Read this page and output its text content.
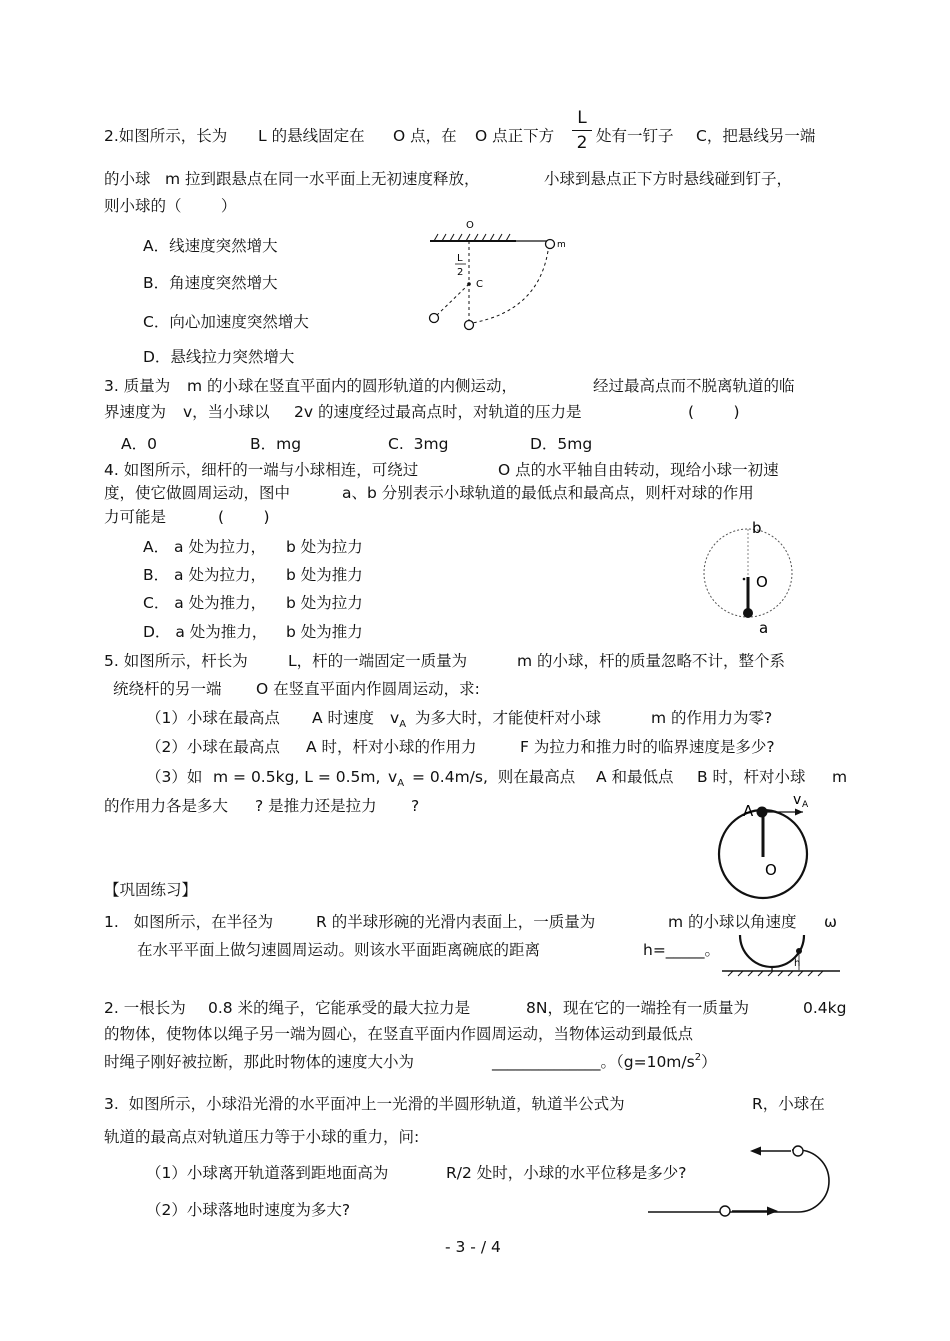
2.如图所示，长为 L 的悬线固定在 O 点，在 O 点正下方
L
2 处有一钉子 C，把悬线另一端
的小球 m 拉到跟悬点在同一水平面上无初速度释放，	小球到悬点正下方时悬线碰到钉子，
则小球的（        ）
A．线速度突然增大
B．角速度突然增大
C．向心加速度突然增大
D．悬线拉力突然增大
O
m
L
2
C
3. 质量为 m 的小球在竖直平面内的圆形轨道的内侧运动，	经过最高点而不脱离轨道的临
界速度为 v，当小球以 2v 的速度经过最高点时，对轨道的压力是	(        )
A．0	B．mg	C.  3mg	D．5mg
4. 如图所示，细杆的一端与小球相连，可绕过	O 点的水平轴自由转动，现给小球一初速
度，使它做圆周运动，图中	a、b 分别表示小球轨道的最低点和最高点，则杆对球的作用
力可能是	(        )
A． a 处为拉力， b 处为拉力
B． a 处为拉力， b 处为推力
C． a 处为推力， b 处为拉力
D． a 处为推力， b 处为推力
b
O
a
5. 如图所示，杆长为	L，杆的一端固定一质量为	m 的小球，杆的质量忽略不计，整个系
统绕杆的另一端 O 在竖直平面内作圆周运动，求:
（1）小球在最高点 A 时速度 $v_A$ 为多大时，才能使杆对小球	m 的作用力为零?
（2）小球在最高点 A 时，杆对小球的作用力	F 为拉力和推力时的临界速度是多少?
（3）如 m = 0.5kg, L = 0.5m, $v_A = 0.4m/s$,  则在最高点 A 和最低点 B 时，杆对小球 m
的作用力各是多大 ? 是推力还是拉力 ?	A
v A
O
【巩固练习】
1.   如图所示，在半径为	R 的半球形碗的光滑内表面上，一质量为	m 的小球以角速度 ω
在水平平面上做匀速圆周运动。则该水平面距离碗底的距离	h=_____。
h
2. 一根长为 0.8 米的绳子，它能承受的最大拉力是	8N，现在它的一端拴有一质量为	0.4kg
的物体，使物体以绳子另一端为圆心，在竖直平面内作圆周运动，当物体运动到最低点
时绳子刚好被拉断，那此时物体的速度大小为	______________。$(g=10m/s^2)$
3.  如图所示，小球沿光滑的水平面冲上一光滑的半圆形轨道，轨道半公式为	R，小球在
轨道的最高点对轨道压力等于小球的重力，问:
（1）小球离开轨道落到距地面高为	R/2 处时，小球的水平位移是多少?
（2）小球落地时速度为多大?
- 3 - / 4
